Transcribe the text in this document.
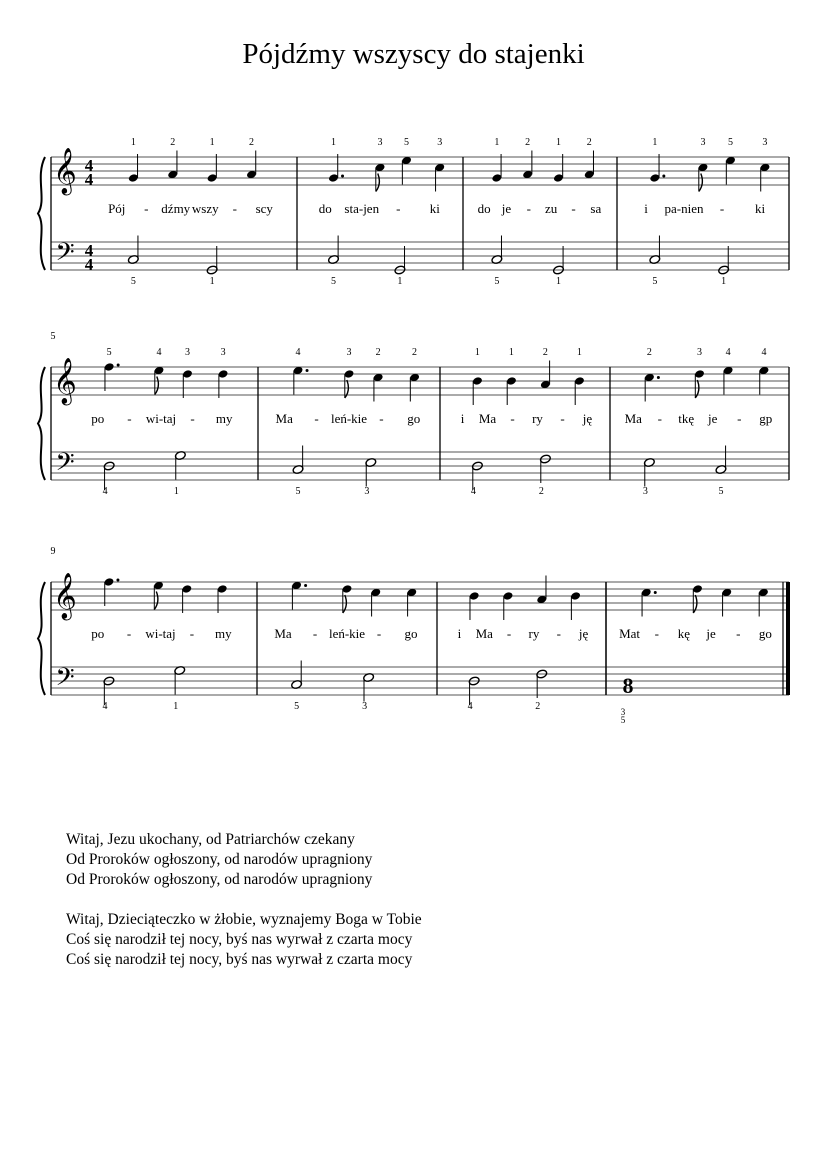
Pójdźmy wszyscy do stajenki
𝄞
𝄢
4
4
4
4
1	2	1	2
Pój - dźmy wszy - scy
5	1
1	3 5	3
do sta-jen - ki
5	1
1	2	1	2
do je - zu - sa
5	1
1	3 5	3
i pa-nien - ki
5	1
𝄞
𝄢
5
5	4 3	3
po - wi-taj - my
4	1
4	3 2	2
Ma - leń-kie - go
5	3
1	1	2	1
i Ma - ry - ję
4	2
2	3 4	4
Ma - tkę je - gp
3	5
𝄞
𝄢
9
po - wi-taj - my
4	1
Ma - leń-kie - go
5	3
i Ma - ry - ję
4	2
Mat - kę je - go
8
3
5
Witaj, Jezu ukochany, od Patriarchów czekany
Od Proroków ogłoszony, od narodów upragniony
Od Proroków ogłoszony, od narodów upragniony
Witaj, Dzieciąteczko w żłobie, wyznajemy Boga w Tobie
Coś się narodził tej nocy, byś nas wyrwał z czarta mocy
Coś się narodził tej nocy, byś nas wyrwał z czarta mocy
